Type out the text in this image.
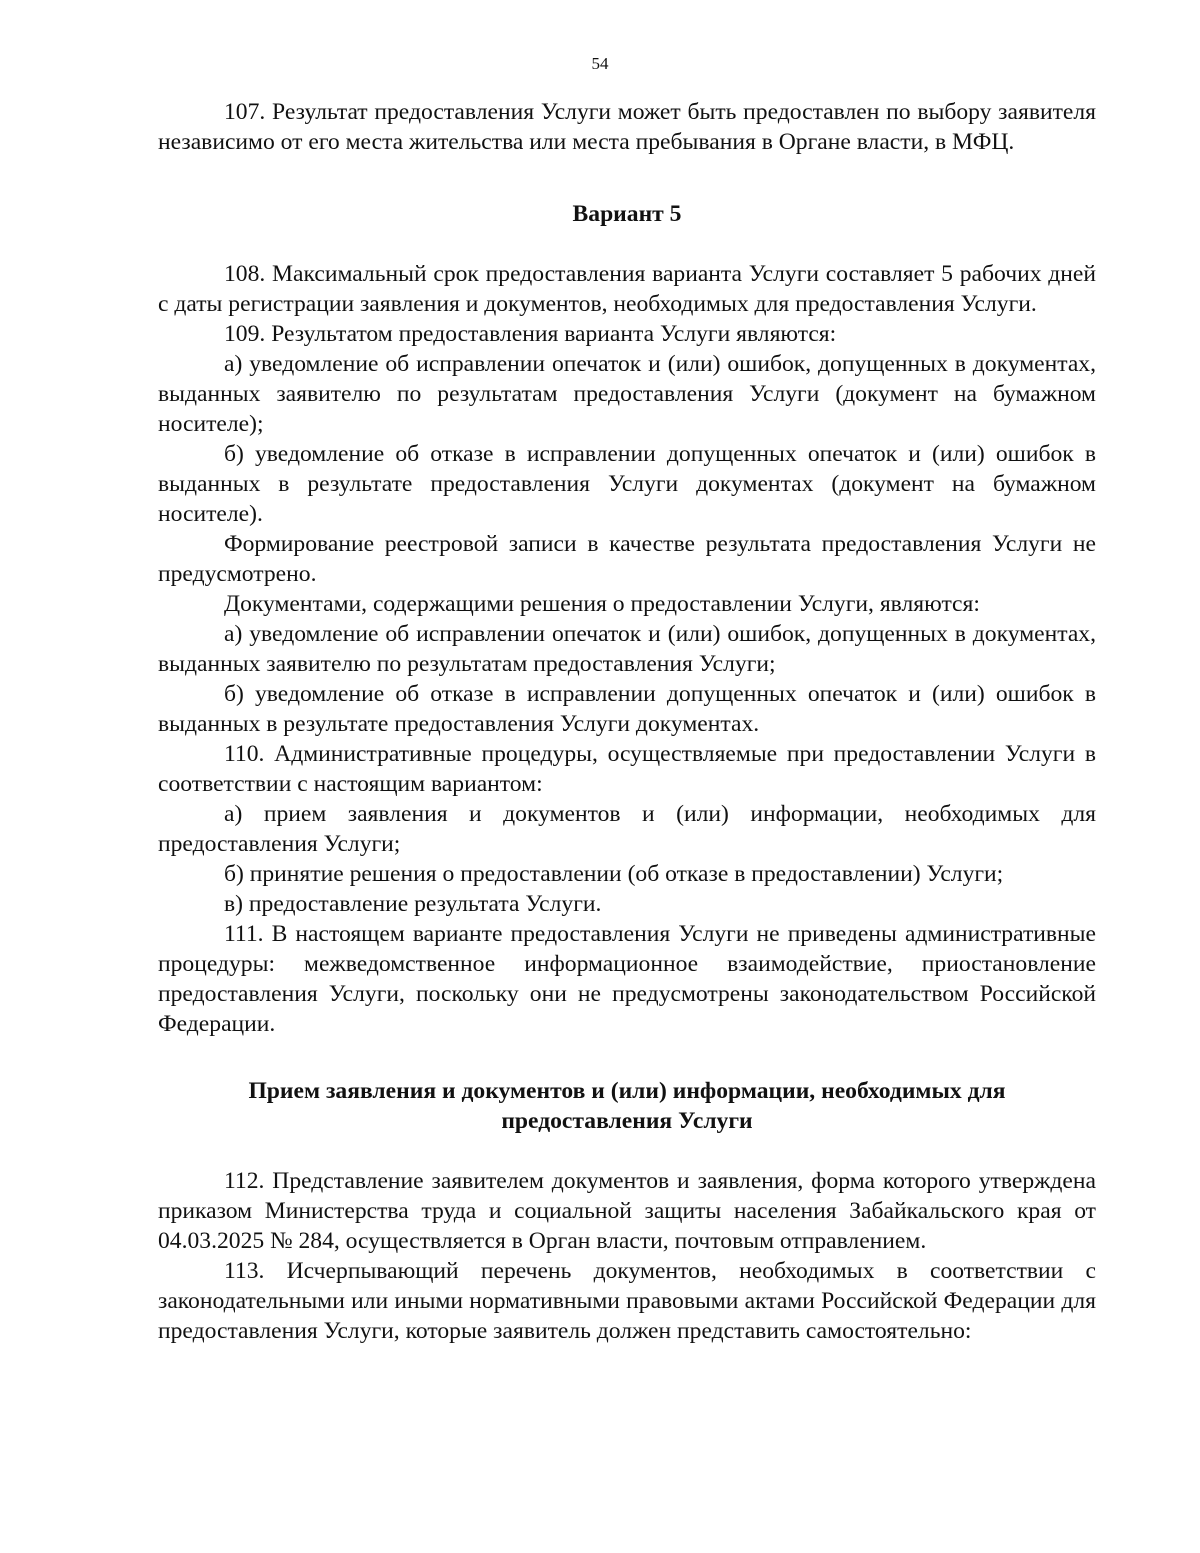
54

107. Результат предоставления Услуги может быть предоставлен по выбору заявителя независимо от его места жительства или места пребывания в Органе власти, в МФЦ.

Вариант 5

108. Максимальный срок предоставления варианта Услуги составляет 5 рабочих дней с даты регистрации заявления и документов, необходимых для предоставления Услуги.

109. Результатом предоставления варианта Услуги являются:

а) уведомление об исправлении опечаток и (или) ошибок, допущенных в документах, выданных заявителю по результатам предоставления Услуги (документ на бумажном носителе);

б) уведомление об отказе в исправлении допущенных опечаток и (или) ошибок в выданных в результате предоставления Услуги документах (документ на бумажном носителе).

Формирование реестровой записи в качестве результата предоставления Услуги не предусмотрено.

Документами, содержащими решения о предоставлении Услуги, являются:

а) уведомление об исправлении опечаток и (или) ошибок, допущенных в документах, выданных заявителю по результатам предоставления Услуги;

б) уведомление об отказе в исправлении допущенных опечаток и (или) ошибок в выданных в результате предоставления Услуги документах.

110. Административные процедуры, осуществляемые при предоставлении Услуги в соответствии с настоящим вариантом:

а) прием заявления и документов и (или) информации, необходимых для предоставления Услуги;

б) принятие решения о предоставлении (об отказе в предоставлении) Услуги;

в) предоставление результата Услуги.

111. В настоящем варианте предоставления Услуги не приведены административные процедуры: межведомственное информационное взаимодействие, приостановление предоставления Услуги, поскольку они не предусмотрены законодательством Российской Федерации.

Прием заявления и документов и (или) информации, необходимых для
предоставления Услуги

112. Представление заявителем документов и заявления, форма которого утверждена приказом Министерства труда и социальной защиты населения Забайкальского края от 04.03.2025 № 284, осуществляется в Орган власти, почтовым отправлением.

113. Исчерпывающий перечень документов, необходимых в соответствии с законодательными или иными нормативными правовыми актами Российской Федерации для предоставления Услуги, которые заявитель должен представить самостоятельно:
